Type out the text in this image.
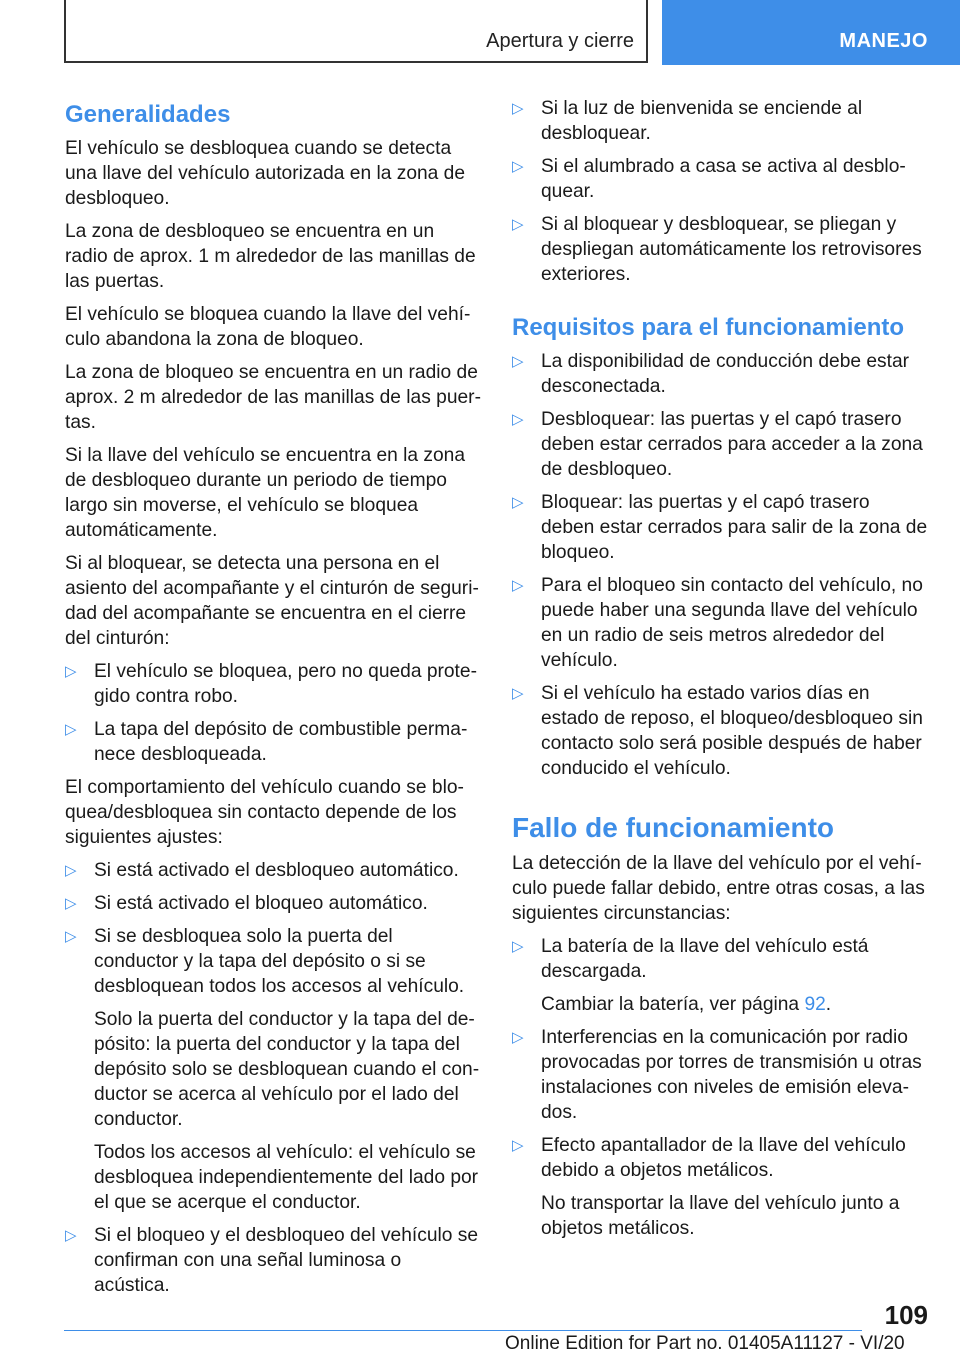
Apertura y cierre	MANEJO
Generalidades

El vehículo se desbloquea cuando se detecta una llave del vehículo autorizada en la zona de desbloqueo.

La zona de desbloqueo se encuentra en un radio de aprox. 1 m alrededor de las manillas de las puertas.

El vehículo se bloquea cuando la llave del vehículo abandona la zona de bloqueo.

La zona de bloqueo se encuentra en un radio de aprox. 2 m alrededor de las manillas de las puertas.

Si la llave del vehículo se encuentra en la zona de desbloqueo durante un periodo de tiempo largo sin moverse, el vehículo se bloquea automáticamente.

Si al bloquear, se detecta una persona en el asiento del acompañante y el cinturón de seguridad del acompañante se encuentra en el cierre del cinturón:

▷ El vehículo se bloquea, pero no queda protegido contra robo.
▷ La tapa del depósito de combustible permanece desbloqueada.

El comportamiento del vehículo cuando se bloquea/desbloquea sin contacto depende de los siguientes ajustes:

▷ Si está activado el desbloqueo automático.
▷ Si está activado el bloqueo automático.
▷ Si se desbloquea solo la puerta del conductor y la tapa del depósito o si se desbloquean todos los accesos al vehículo.
Solo la puerta del conductor y la tapa del depósito: la puerta del conductor y la tapa del depósito solo se desbloquean cuando el conductor se acerca al vehículo por el lado del conductor.
Todos los accesos al vehículo: el vehículo se desbloquea independientemente del lado por el que se acerque el conductor.
▷ Si el bloqueo y el desbloqueo del vehículo se confirman con una señal luminosa o acústica.
▷ Si la luz de bienvenida se enciende al desbloquear.
▷ Si el alumbrado a casa se activa al desbloquear.
▷ Si al bloquear y desbloquear, se pliegan y despliegan automáticamente los retrovisores exteriores.
Requisitos para el funcionamiento
▷ La disponibilidad de conducción debe estar desconectada.
▷ Desbloquear: las puertas y el capó trasero deben estar cerrados para acceder a la zona de desbloqueo.
▷ Bloquear: las puertas y el capó trasero deben estar cerrados para salir de la zona de bloqueo.
▷ Para el bloqueo sin contacto del vehículo, no puede haber una segunda llave del vehículo en un radio de seis metros alrededor del vehículo.
▷ Si el vehículo ha estado varios días en estado de reposo, el bloqueo/desbloqueo sin contacto solo será posible después de haber conducido el vehículo.
Fallo de funcionamiento

La detección de la llave del vehículo por el vehículo puede fallar debido, entre otras cosas, a las siguientes circunstancias:

▷ La batería de la llave del vehículo está descargada.
Cambiar la batería, ver página 92.
▷ Interferencias en la comunicación por radio provocadas por torres de transmisión u otras instalaciones con niveles de emisión elevados.
▷ Efecto apantallador de la llave del vehículo debido a objetos metálicos.
No transportar la llave del vehículo junto a objetos metálicos.
109
Online Edition for Part no. 01405A11127 - VI/20
